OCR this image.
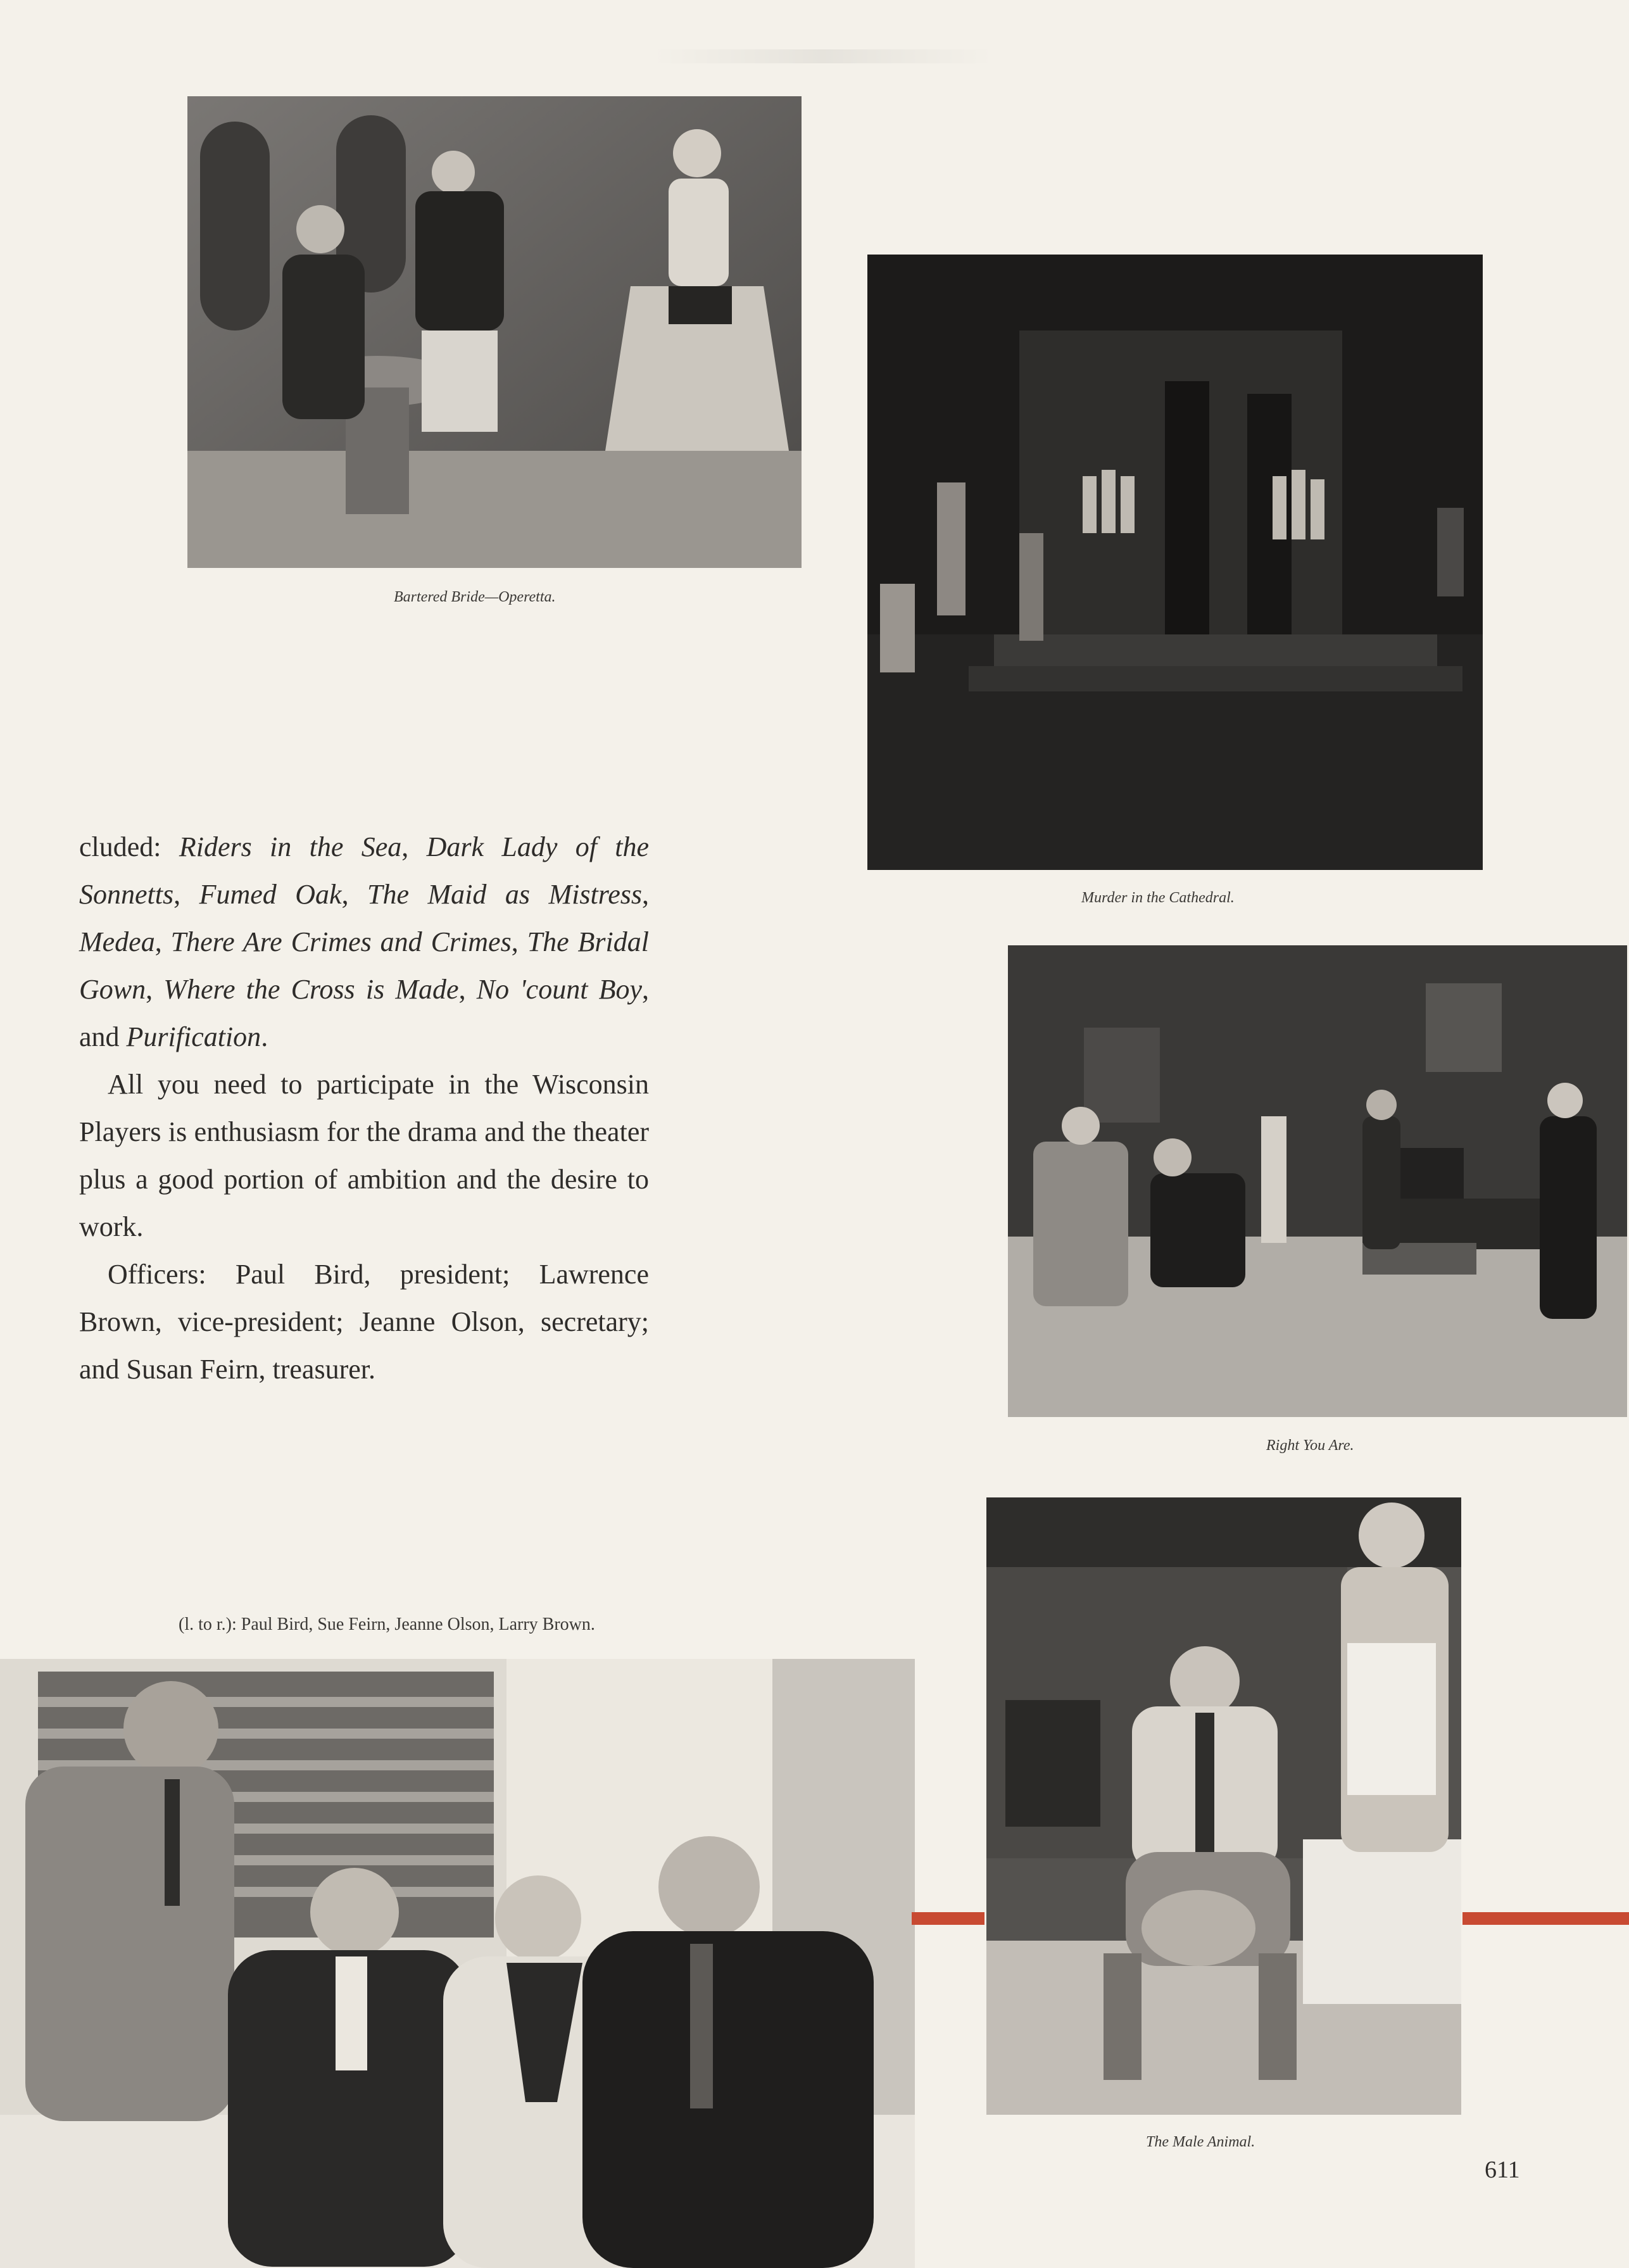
Bartered Bride—Operetta.
Murder in the Cathedral.
Right You Are.
(l. to r.): Paul Bird, Sue Feirn, Jeanne Olson, Larry Brown.
The Male Animal.

cluded: Riders in the Sea, Dark Lady of the Sonnetts, Fumed Oak, The Maid as Mistress, Medea, There Are Crimes and Crimes, The Bridal Gown, Where the Cross is Made, No 'count Boy, and Purification.

All you need to participate in the Wisconsin Players is enthusiasm for the drama and the theater plus a good portion of ambition and the desire to work.

Officers: Paul Bird, president; Lawrence Brown, vice-president; Jeanne Olson, secretary; and Susan Feirn, treasurer.

611
